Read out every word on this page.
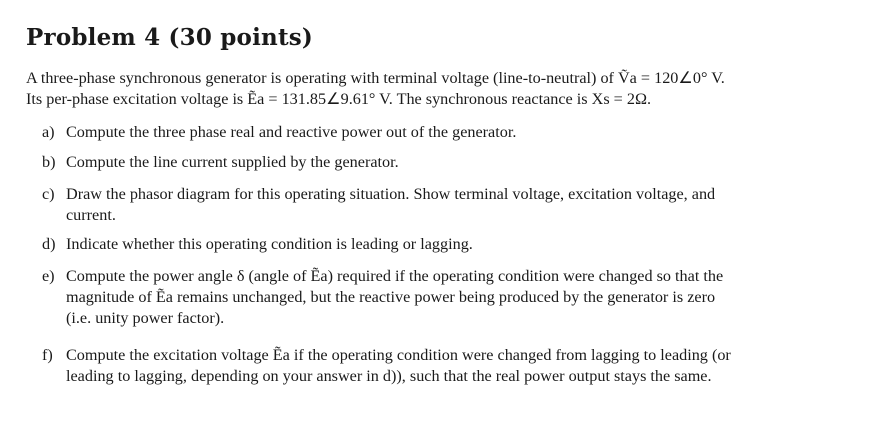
Problem 4 (30 points)
A three-phase synchronous generator is operating with terminal voltage (line-to-neutral) of Ṽa = 120∠0° V.
Its per-phase excitation voltage is Ẽa = 131.85∠9.61° V. The synchronous reactance is Xs = 2Ω.
a) Compute the three phase real and reactive power out of the generator.
b) Compute the line current supplied by the generator.
c) Draw the phasor diagram for this operating situation. Show terminal voltage, excitation voltage, and
current.
d) Indicate whether this operating condition is leading or lagging.
e) Compute the power angle δ (angle of Ẽa) required if the operating condition were changed so that the
magnitude of Ẽa remains unchanged, but the reactive power being produced by the generator is zero
(i.e. unity power factor).
f) Compute the excitation voltage Ẽa if the operating condition were changed from lagging to leading (or
leading to lagging, depending on your answer in d)), such that the real power output stays the same.
